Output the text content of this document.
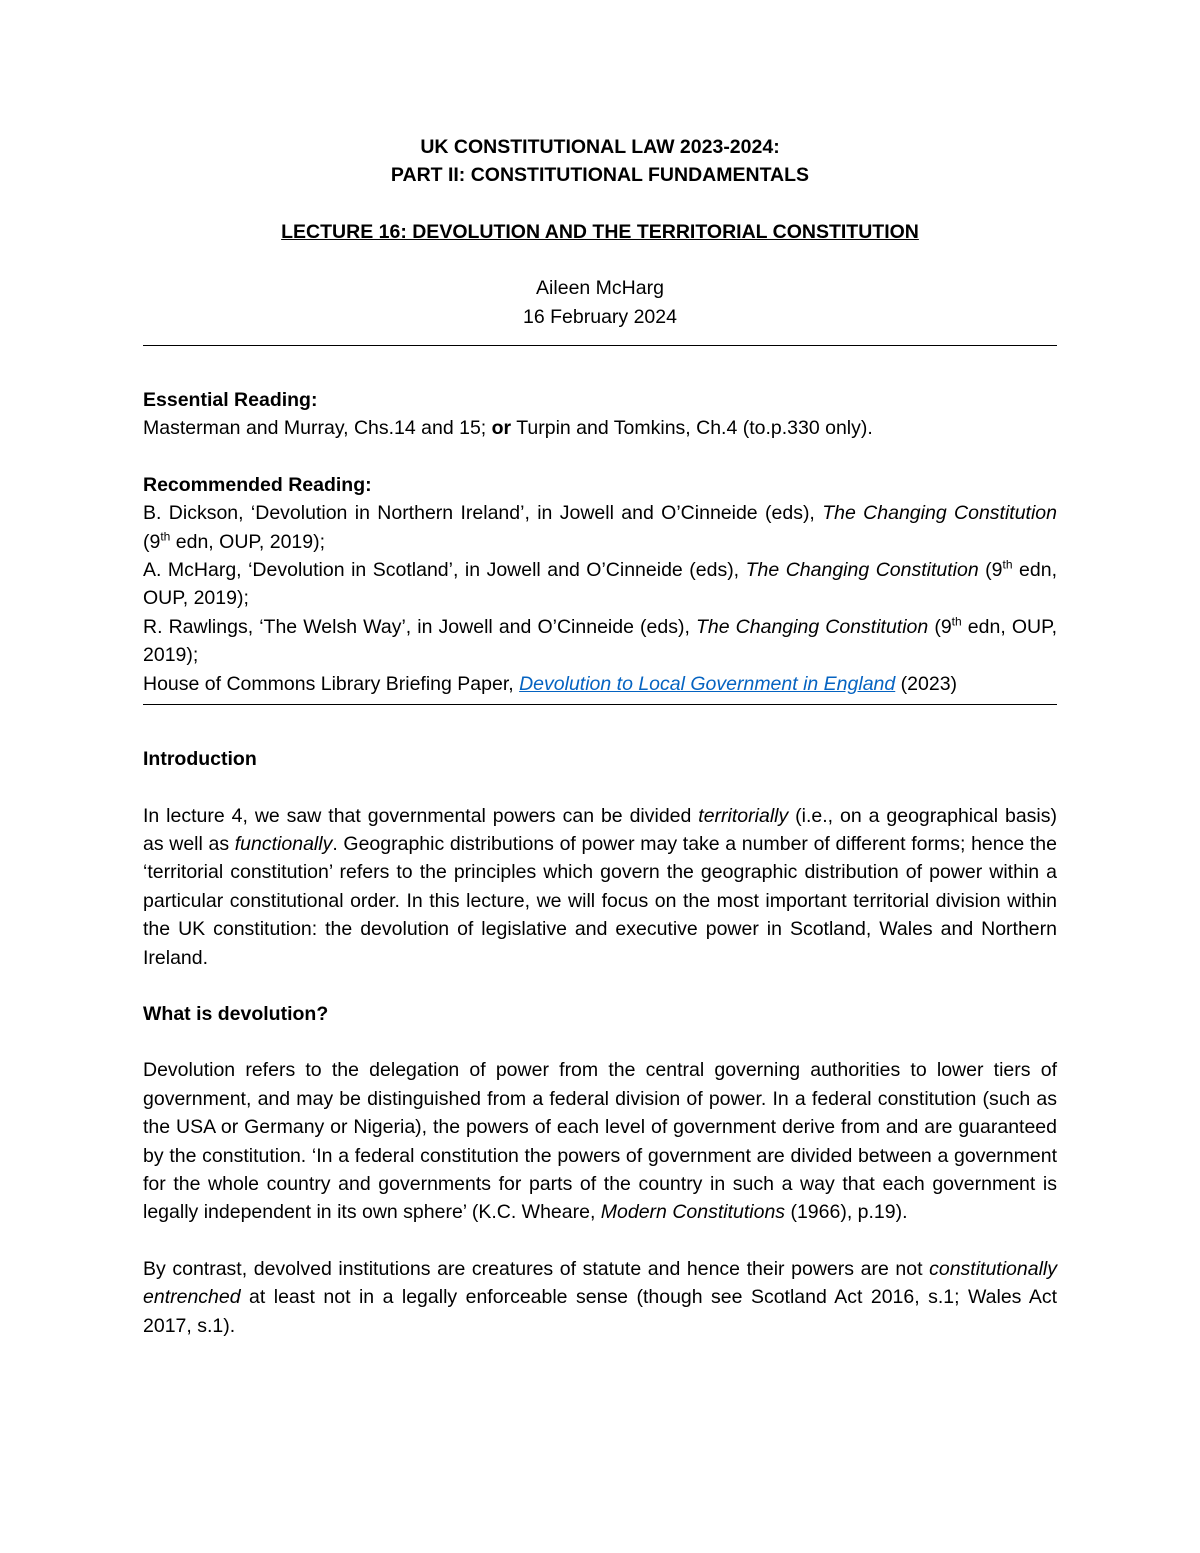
UK CONSTITUTIONAL LAW 2023-2024:
PART II: CONSTITUTIONAL FUNDAMENTALS
LECTURE 16: DEVOLUTION AND THE TERRITORIAL CONSTITUTION
Aileen McHarg
16 February 2024
Essential Reading:

Masterman and Murray, Chs.14 and 15; or Turpin and Tomkins, Ch.4 (to.p.330 only).

Recommended Reading:

B. Dickson, ‘Devolution in Northern Ireland’, in Jowell and O’Cinneide (eds), The Changing Constitution (9th edn, OUP, 2019);

A. McHarg, ‘Devolution in Scotland’, in Jowell and O’Cinneide (eds), The Changing Constitution (9th edn, OUP, 2019);

R. Rawlings, ‘The Welsh Way’, in Jowell and O’Cinneide (eds), The Changing Constitution (9th edn, OUP, 2019);

House of Commons Library Briefing Paper, Devolution to Local Government in England (2023)

Introduction

In lecture 4, we saw that governmental powers can be divided territorially (i.e., on a geographical basis) as well as functionally. Geographic distributions of power may take a number of different forms; hence the ‘territorial constitution’ refers to the principles which govern the geographic distribution of power within a particular constitutional order. In this lecture, we will focus on the most important territorial division within the UK constitution: the devolution of legislative and executive power in Scotland, Wales and Northern Ireland.

What is devolution?

Devolution refers to the delegation of power from the central governing authorities to lower tiers of government, and may be distinguished from a federal division of power. In a federal constitution (such as the USA or Germany or Nigeria), the powers of each level of government derive from and are guaranteed by the constitution. ‘In a federal constitution the powers of government are divided between a government for the whole country and governments for parts of the country in such a way that each government is legally independent in its own sphere’ (K.C. Wheare, Modern Constitutions (1966), p.19).

By contrast, devolved institutions are creatures of statute and hence their powers are not constitutionally entrenched at least not in a legally enforceable sense (though see Scotland Act 2016, s.1; Wales Act 2017, s.1).
